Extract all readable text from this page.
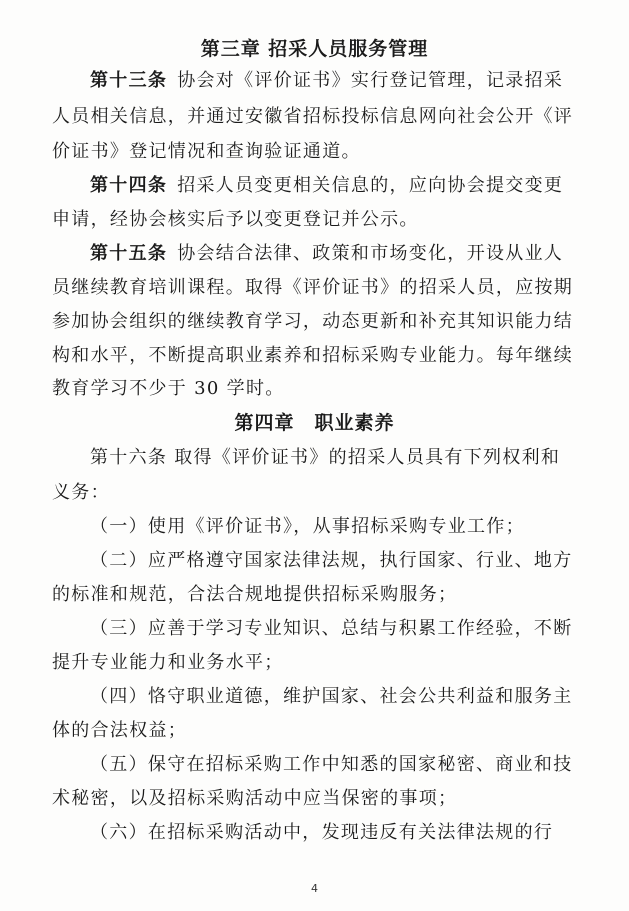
第三章 招采人员服务管理
第十三条 协会对《评价证书》实行登记管理，记录招采
人员相关信息，并通过安徽省招标投标信息网向社会公开《评
价证书》登记情况和查询验证通道。
第十四条 招采人员变更相关信息的，应向协会提交变更
申请，经协会核实后予以变更登记并公示。
第十五条 协会结合法律、政策和市场变化，开设从业人
员继续教育培训课程。取得《评价证书》的招采人员，应按期
参加协会组织的继续教育学习，动态更新和补充其知识能力结
构和水平，不断提高职业素养和招标采购专业能力。每年继续
教育学习不少于 30 学时。
第四章　职业素养
第十六条 取得《评价证书》的招采人员具有下列权利和
义务：
（一）使用《评价证书》，从事招标采购专业工作；
（二）应严格遵守国家法律法规，执行国家、行业、地方
的标准和规范，合法合规地提供招标采购服务；
（三）应善于学习专业知识、总结与积累工作经验，不断
提升专业能力和业务水平；
（四）恪守职业道德，维护国家、社会公共利益和服务主
体的合法权益；
（五）保守在招标采购工作中知悉的国家秘密、商业和技
术秘密，以及招标采购活动中应当保密的事项；
（六）在招标采购活动中，发现违反有关法律法规的行
4
